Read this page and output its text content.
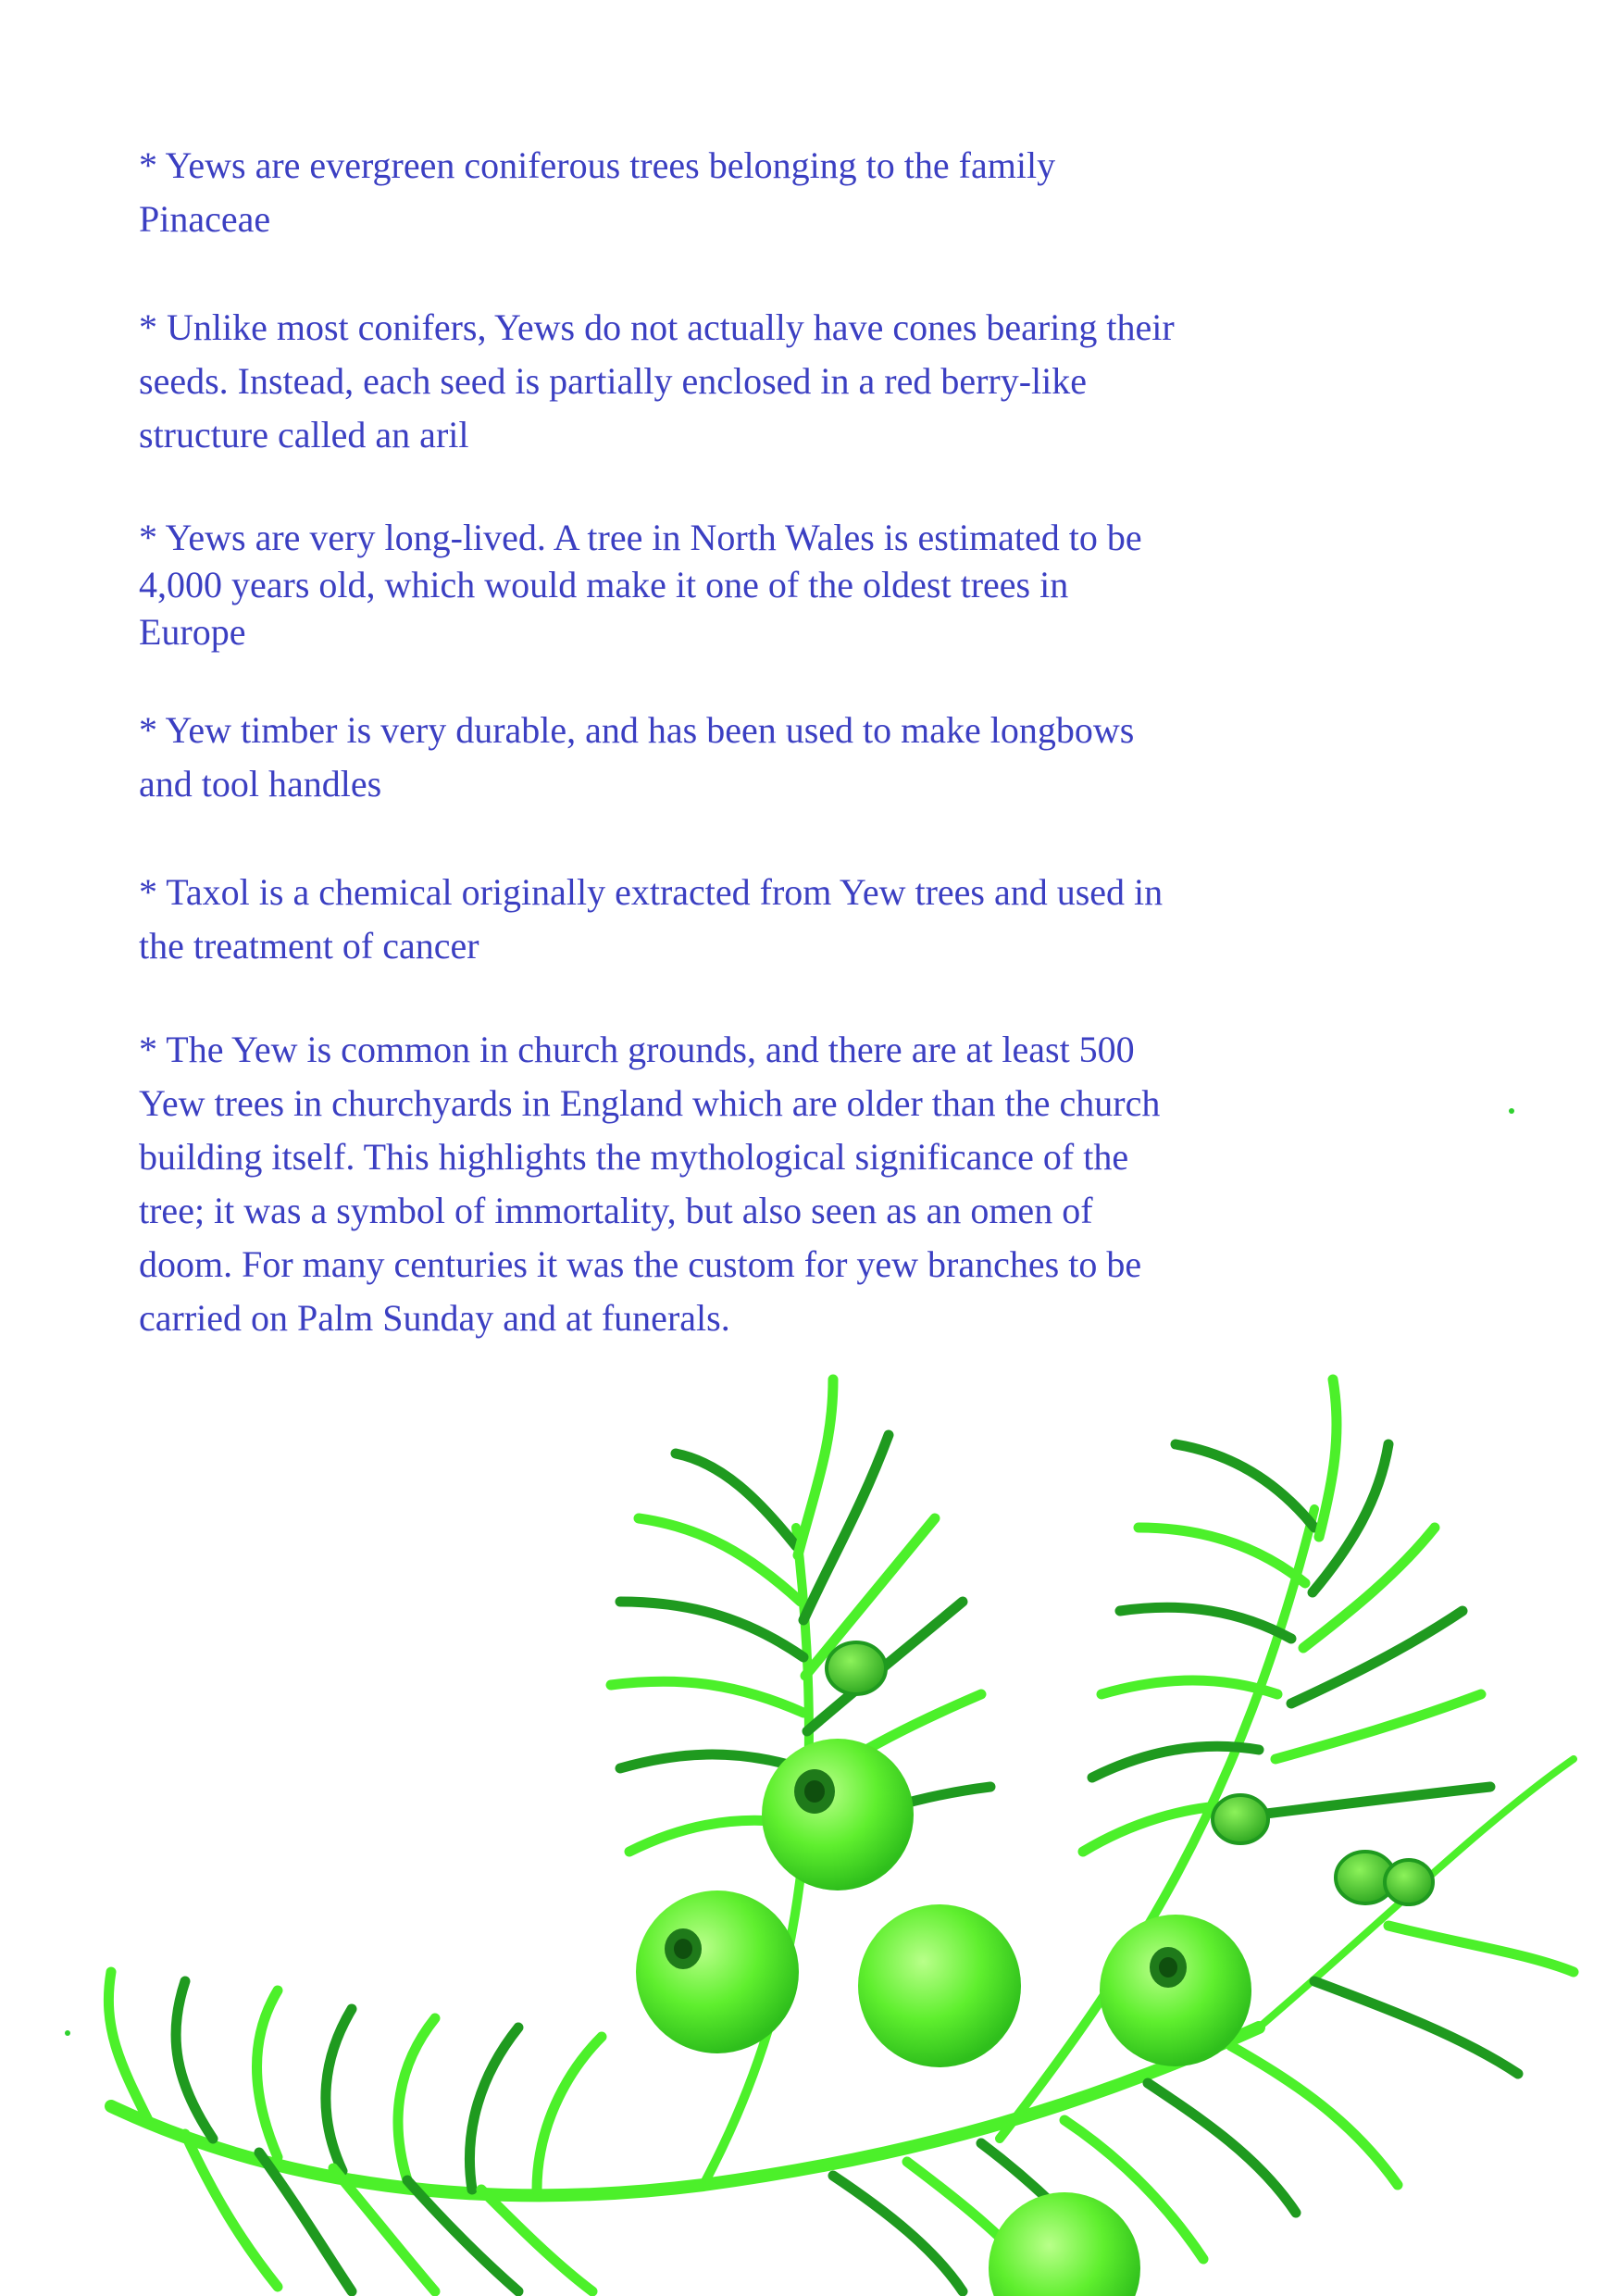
* Yews are evergreen coniferous trees belonging to the family Pinaceae

* Unlike most conifers, Yews do not actually have cones bearing their seeds. Instead, each seed is partially enclosed in a red berry-like structure called an aril

* Yews are very long-lived. A tree in North Wales is estimated to be 4,000 years old, which would make it one of the oldest trees in Europe

* Yew timber is very durable, and has been used to make longbows and tool handles

* Taxol is a chemical originally extracted from Yew trees and used in the treatment of cancer

* The Yew is common in church grounds, and there are at least 500 Yew trees in churchyards in England which are older than the church building itself. This highlights the mythological significance of the tree; it was a symbol of immortality, but also seen as an omen of doom. For many centuries it was the custom for yew branches to be carried on Palm Sunday and at funerals.
